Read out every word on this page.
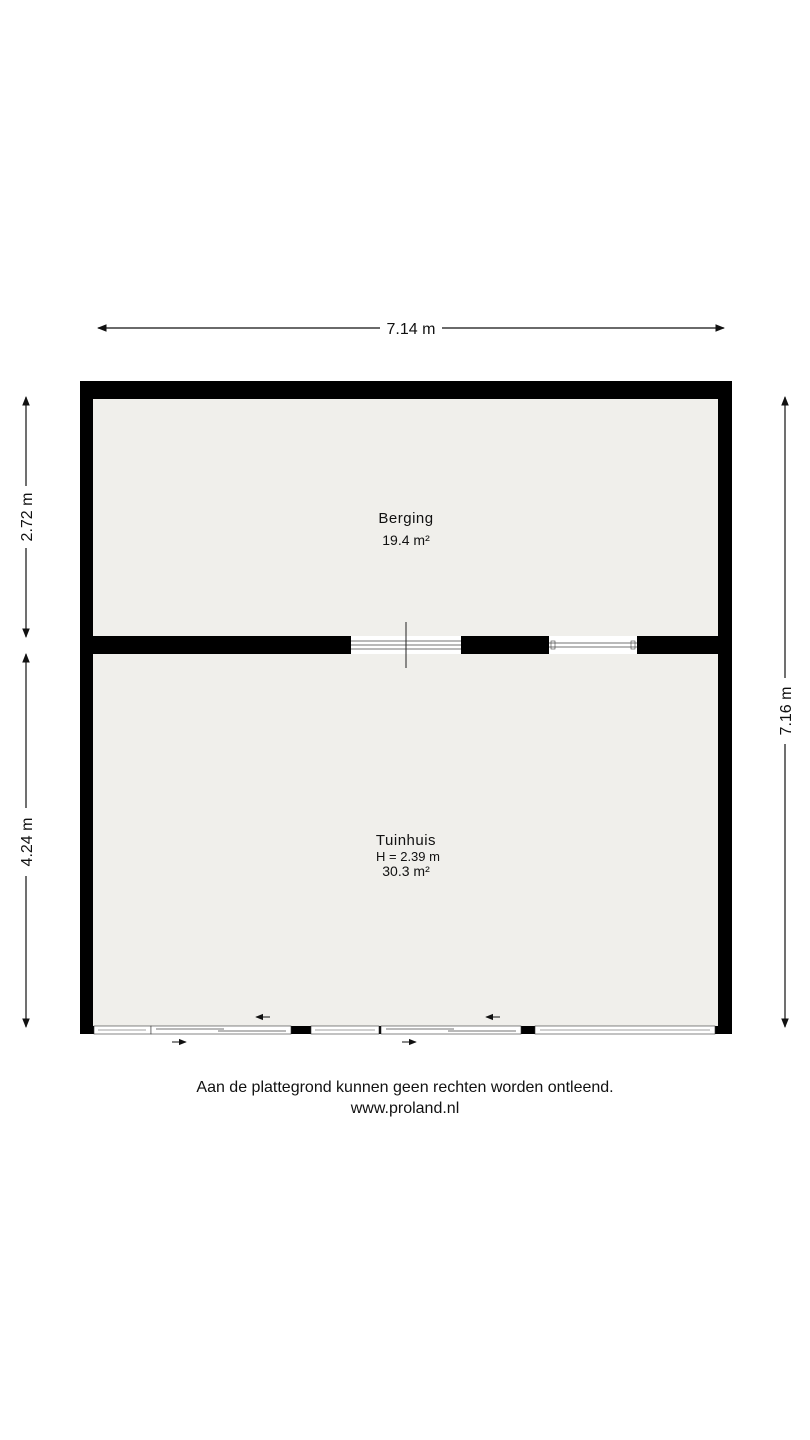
7.14 m
2.72 m
4.24 m
7.16 m
Berging
19.4 m²
Tuinhuis
H = 2.39 m
30.3 m²
Aan de plattegrond kunnen geen rechten worden ontleend.
www.proland.nl
